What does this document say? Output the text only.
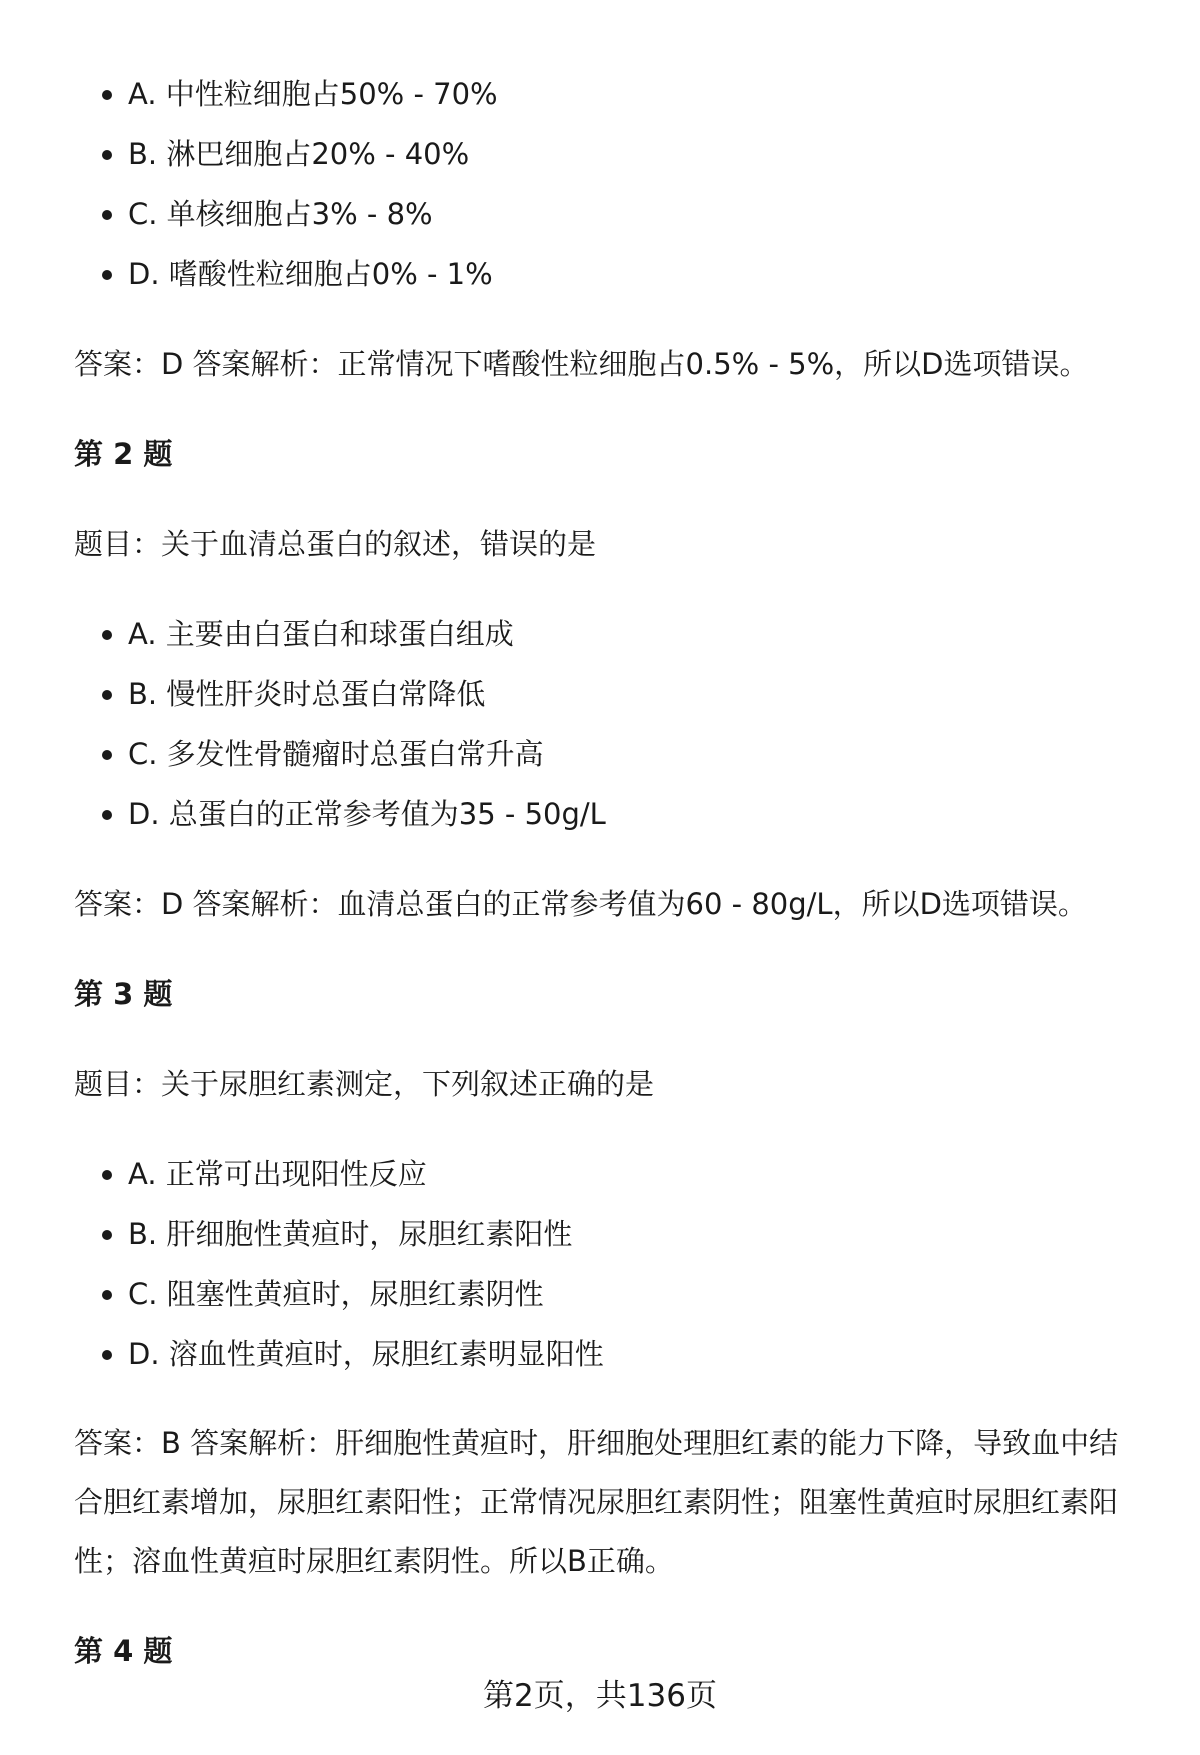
A. 中性粒细胞占50% - 70%
B. 淋巴细胞占20% - 40%
C. 单核细胞占3% - 8%
D. 嗜酸性粒细胞占0% - 1%
答案：D 答案解析：正常情况下嗜酸性粒细胞占0.5% - 5%，所以D选项错误。
第 2 题
题目：关于血清总蛋白的叙述，错误的是
A. 主要由白蛋白和球蛋白组成
B. 慢性肝炎时总蛋白常降低
C. 多发性骨髓瘤时总蛋白常升高
D. 总蛋白的正常参考值为35 - 50g/L
答案：D 答案解析：血清总蛋白的正常参考值为60 - 80g/L，所以D选项错误。
第 3 题
题目：关于尿胆红素测定，下列叙述正确的是
A. 正常可出现阳性反应
B. 肝细胞性黄疸时，尿胆红素阳性
C. 阻塞性黄疸时，尿胆红素阴性
D. 溶血性黄疸时，尿胆红素明显阳性
答案：B 答案解析：肝细胞性黄疸时，肝细胞处理胆红素的能力下降，导致血中结
合胆红素增加，尿胆红素阳性；正常情况尿胆红素阴性；阻塞性黄疸时尿胆红素阳
性；溶血性黄疸时尿胆红素阴性。所以B正确。
第 4 题
第2页，共136页
